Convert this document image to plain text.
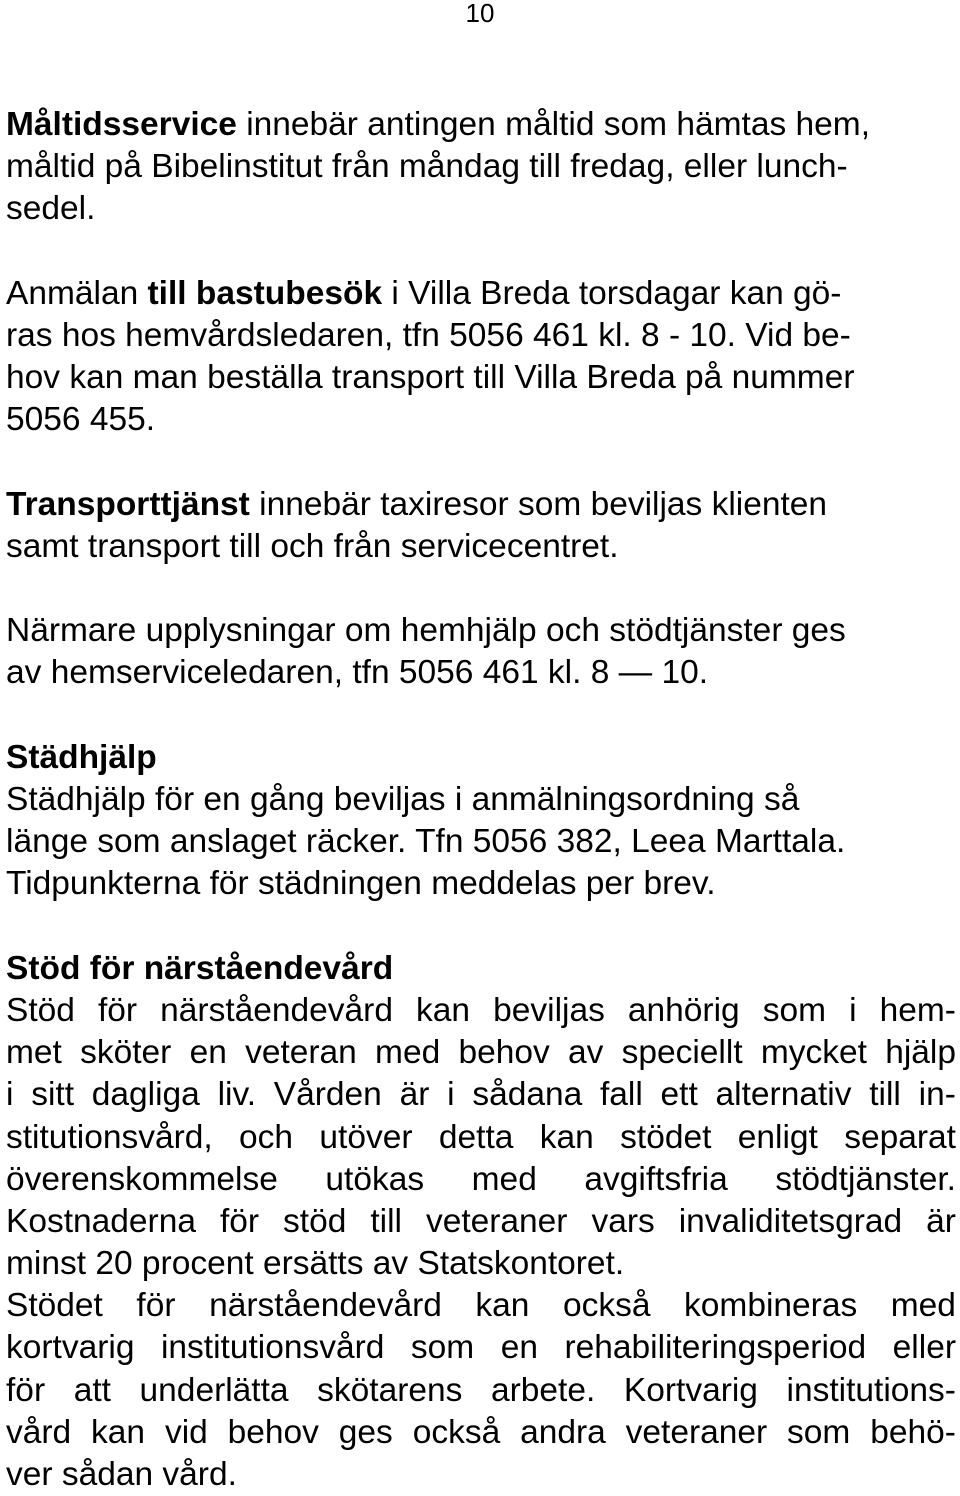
10
Måltidsservice innebär antingen måltid som hämtas hem,
måltid på Bibelinstitut från måndag till fredag, eller lunch-
sedel.
Anmälan till bastubesök i Villa Breda torsdagar kan gö-
ras hos hemvårdsledaren, tfn 5056 461 kl. 8 - 10. Vid be-
hov kan man beställa transport till Villa Breda på nummer
5056 455.
Transporttjänst innebär taxiresor som beviljas klienten
samt transport till och från servicecentret.
Närmare upplysningar om hemhjälp och stödtjänster ges
av hemserviceledaren, tfn 5056 461 kl. 8 — 10.
Städhjälp
Städhjälp för en gång beviljas i anmälningsordning så
länge som anslaget räcker. Tfn 5056 382, Leea Marttala.
Tidpunkterna för städningen meddelas per brev.
Stöd för närståendevård
Stöd för närståendevård kan beviljas anhörig som i hem-
met sköter en veteran med behov av speciellt mycket hjälp
i sitt dagliga liv. Vården är i sådana fall ett alternativ till in-
stitutionsvård, och utöver detta kan stödet enligt separat
överenskommelse utökas med avgiftsfria stödtjänster.
Kostnaderna för stöd till veteraner vars invaliditetsgrad är
minst 20 procent ersätts av Statskontoret.
Stödet för närståendevård kan också kombineras med
kortvarig institutionsvård som en rehabiliteringsperiod eller
för att underlätta skötarens arbete. Kortvarig institutions-
vård kan vid behov ges också andra veteraner som behö-
ver sådan vård.
